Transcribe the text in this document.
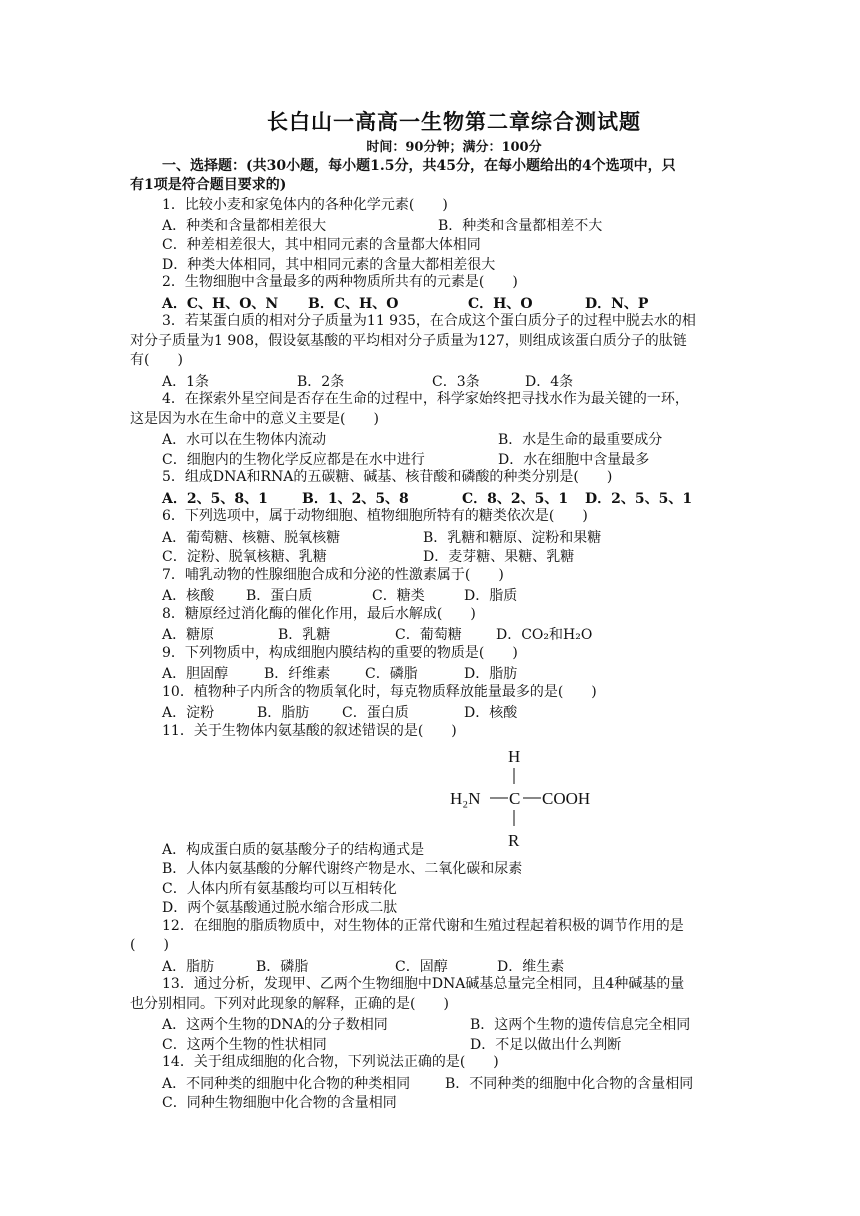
长白山一高高一生物第二章综合测试题
时间：90分钟；满分：100分
一、选择题：(共30小题，每小题1.5分，共45分，在每小题给出的4个选项中，只
有1项是符合题目要求的)
1．比较小麦和家兔体内的各种化学元素(　　)
A．种类和含量都相差很大	B．种类和含量都相差不大
C．种差相差很大，其中相同元素的含量都大体相同
D．种类大体相同，其中相同元素的含量大都相差很大
2．生物细胞中含量最多的两种物质所共有的元素是(　　)
A．C、H、O、N B．C、H、O	C．H、O	D．N、P
3．若某蛋白质的相对分子质量为11 935，在合成这个蛋白质分子的过程中脱去水的相
对分子质量为1 908，假设氨基酸的平均相对分子质量为127，则组成该蛋白质分子的肽链
有(　　)
A．1条	B．2条	C．3条	D．4条
4．在探索外星空间是否存在生命的过程中，科学家始终把寻找水作为最关键的一环，
这是因为水在生命中的意义主要是(　　)
A．水可以在生物体内流动	B．水是生命的最重要成分
C．细胞内的生物化学反应都是在水中进行	D．水在细胞中含量最多
5．组成DNA和RNA的五碳糖、碱基、核苷酸和磷酸的种类分别是(　　)
A．2、5、8、1 B．1、2、5、8	C．8、2、5、1 D．2、5、5、1
6．下列选项中，属于动物细胞、植物细胞所特有的糖类依次是(　　)
A．葡萄糖、核糖、脱氧核糖	B．乳糖和糖原、淀粉和果糖
C．淀粉、脱氧核糖、乳糖	D．麦芽糖、果糖、乳糖
7．哺乳动物的性腺细胞合成和分泌的性激素属于(　　)
A．核酸 B．蛋白质	C．糖类	D．脂质
8．糖原经过消化酶的催化作用，最后水解成(　　)
A．糖原	B．乳糖	C．葡萄糖 D．CO₂和H₂O
9．下列物质中，构成细胞内膜结构的重要的物质是(　　)
A．胆固醇	B．纤维素 C．磷脂	D．脂肪
10．植物种子内所含的物质氧化时，每克物质释放能量最多的是(　　)
A．淀粉	B．脂肪 C．蛋白质	D．核酸
11．关于生物体内氨基酸的叙述错误的是(　　)
H
H₂N C COOH
R
A．构成蛋白质的氨基酸分子的结构通式是
B．人体内氨基酸的分解代谢终产物是水、二氧化碳和尿素
C．人体内所有氨基酸均可以互相转化
D．两个氨基酸通过脱水缩合形成二肽
12．在细胞的脂质物质中，对生物体的正常代谢和生殖过程起着积极的调节作用的是
(　　)
A．脂肪	B．磷脂	C．固醇	D．维生素
13．通过分析，发现甲、乙两个生物细胞中DNA碱基总量完全相同，且4种碱基的量
也分别相同。下列对此现象的解释，正确的是(　　)
A．这两个生物的DNA的分子数相同	B．这两个生物的遗传信息完全相同
C．这两个生物的性状相同	D．不足以做出什么判断
14．关于组成细胞的化合物，下列说法正确的是(　　)
A．不同种类的细胞中化合物的种类相同 B．不同种类的细胞中化合物的含量相同
C．同种生物细胞中化合物的含量相同
